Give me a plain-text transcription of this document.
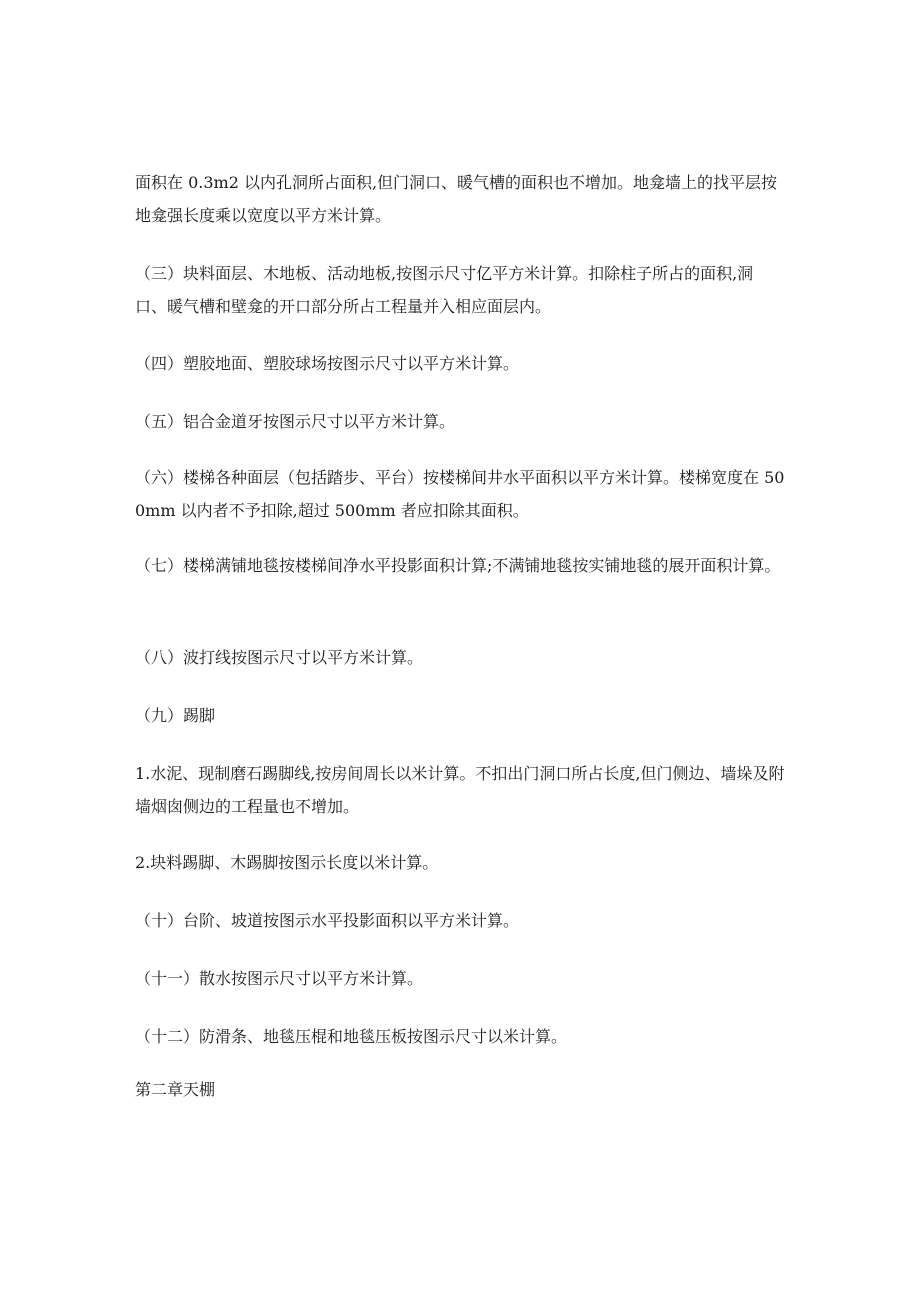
面积在 0.3m2 以内孔洞所占面积,但门洞口、暖气槽的面积也不增加。地龛墙上的找平层按地龛强长度乘以宽度以平方米计算。

（三）块料面层、木地板、活动地板,按图示尺寸亿平方米计算。扣除柱子所占的面积,洞口、暖气槽和壁龛的开口部分所占工程量并入相应面层内。

（四）塑胶地面、塑胶球场按图示尺寸以平方米计算。

（五）铝合金道牙按图示尺寸以平方米计算。

（六）楼梯各种面层（包括踏步、平台）按楼梯间井水平面积以平方米计算。楼梯宽度在 500mm 以内者不予扣除,超过 500mm 者应扣除其面积。

（七）楼梯满铺地毯按楼梯间净水平投影面积计算;不满铺地毯按实铺地毯的展开面积计算。

（八）波打线按图示尺寸以平方米计算。

（九）踢脚

1.水泥、现制磨石踢脚线,按房间周长以米计算。不扣出门洞口所占长度,但门侧边、墙垛及附墙烟囱侧边的工程量也不增加。

2.块料踢脚、木踢脚按图示长度以米计算。

（十）台阶、坡道按图示水平投影面积以平方米计算。

（十一）散水按图示尺寸以平方米计算。

（十二）防滑条、地毯压棍和地毯压板按图示尺寸以米计算。

第二章天棚
